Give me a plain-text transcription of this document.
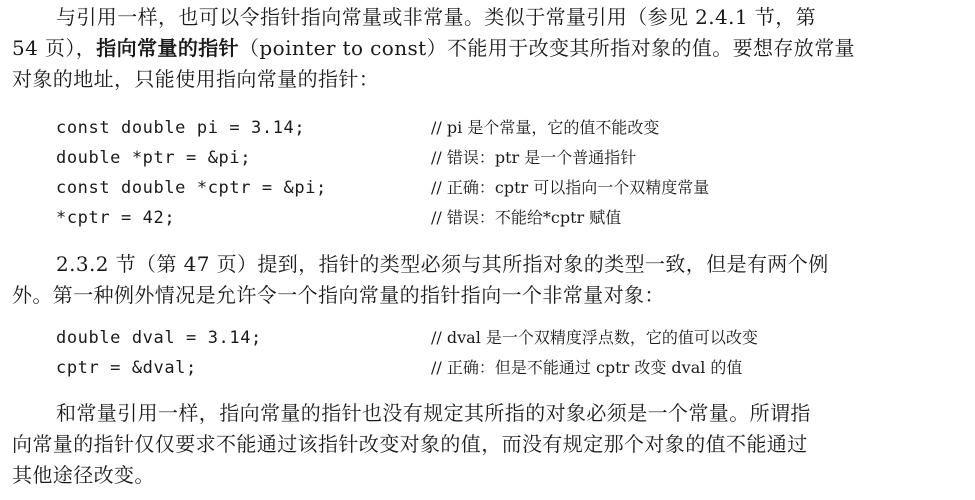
与引用一样，也可以令指针指向常量或非常量。类似于常量引用（参见 2.4.1 节，第
54 页），指向常量的指针（pointer to const）不能用于改变其所指对象的值。要想存放常量
对象的地址，只能使用指向常量的指针：
const double pi = 3.14;	// pi 是个常量，它的值不能改变
double *ptr = &pi;	// 错误：ptr 是一个普通指针
const double *cptr = &pi;	// 正确：cptr 可以指向一个双精度常量
*cptr = 42;	// 错误：不能给*cptr 赋值
2.3.2 节（第 47 页）提到，指针的类型必须与其所指对象的类型一致，但是有两个例
外。第一种例外情况是允许令一个指向常量的指针指向一个非常量对象：
double dval = 3.14;	// dval 是一个双精度浮点数，它的值可以改变
cptr = &dval;	// 正确：但是不能通过 cptr 改变 dval 的值
和常量引用一样，指向常量的指针也没有规定其所指的对象必须是一个常量。所谓指
向常量的指针仅仅要求不能通过该指针改变对象的值，而没有规定那个对象的值不能通过
其他途径改变。
